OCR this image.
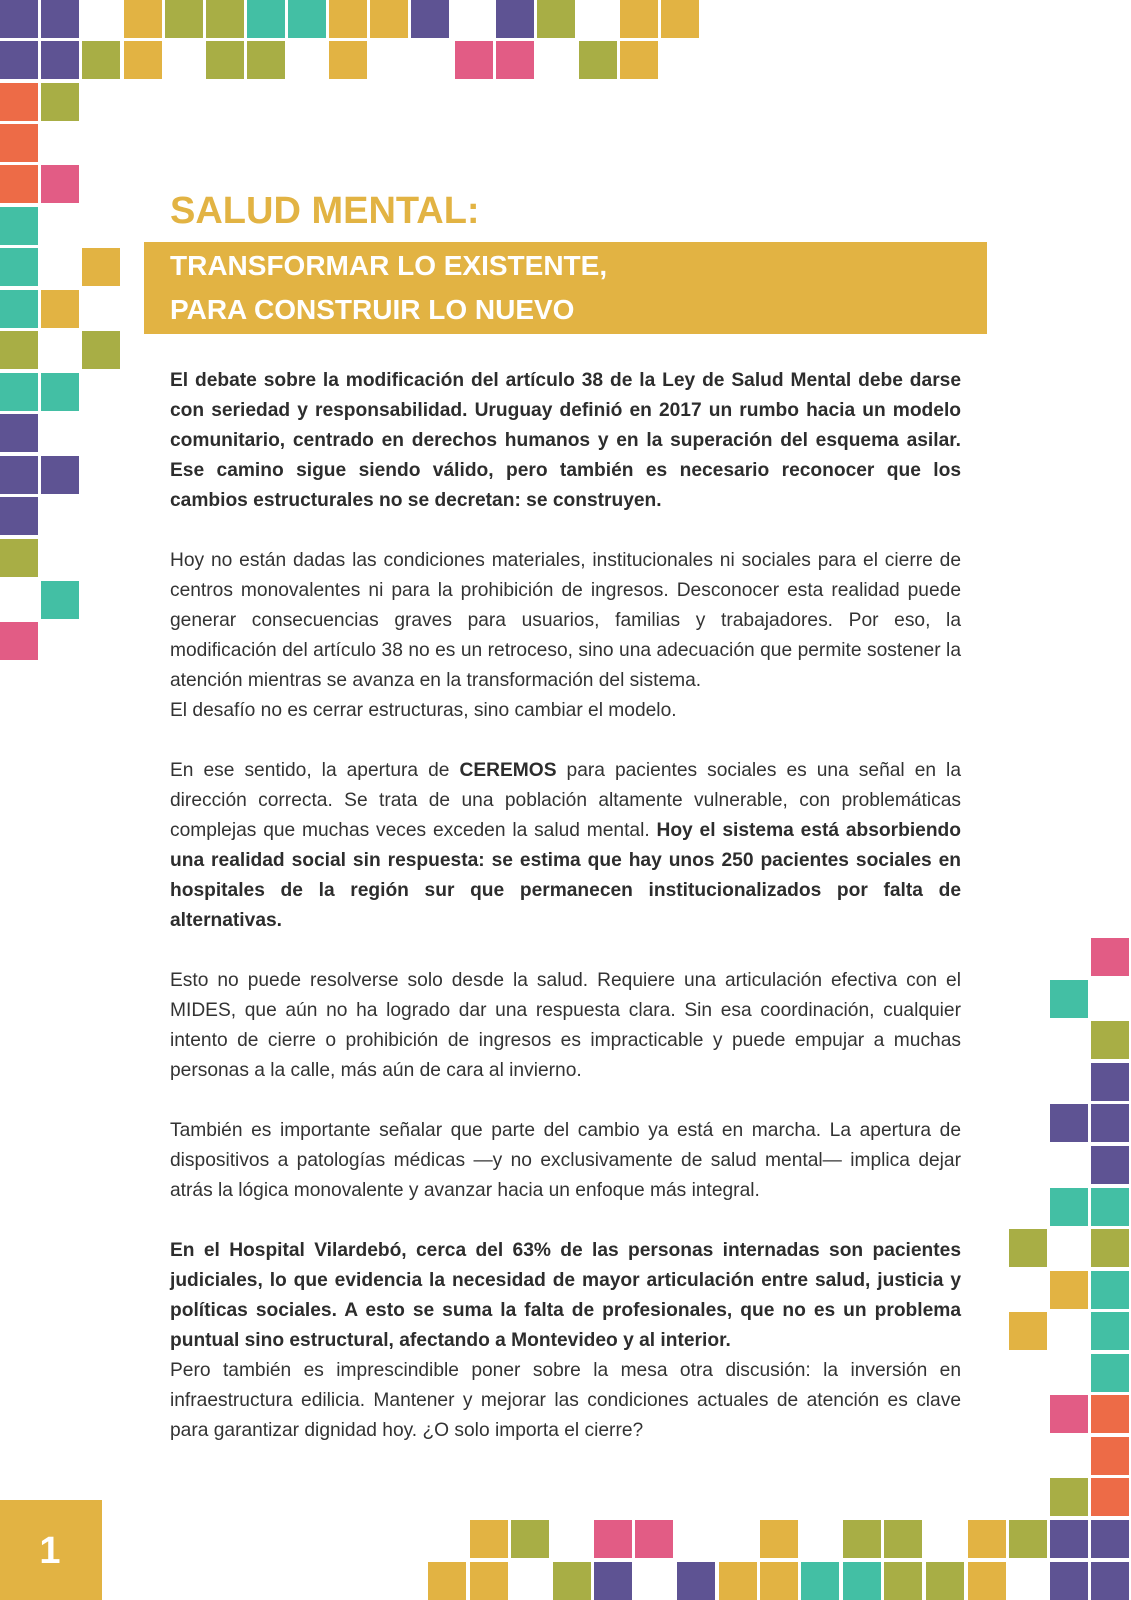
SALUD MENTAL:
TRANSFORMAR LO EXISTENTE,
PARA CONSTRUIR LO NUEVO

El debate sobre la modificación del artículo 38 de la Ley de Salud Mental debe darse con seriedad y responsabilidad. Uruguay definió en 2017 un rumbo hacia un modelo comunitario, centrado en derechos humanos y en la superación del esquema asilar. Ese camino sigue siendo válido, pero también es necesario reconocer que los cambios estructurales no se decretan: se construyen.

Hoy no están dadas las condiciones materiales, institucionales ni sociales para el cierre de centros monovalentes ni para la prohibición de ingresos. Desconocer esta realidad puede generar consecuencias graves para usuarios, familias y trabajadores. Por eso, la modificación del artículo 38 no es un retroceso, sino una adecuación que permite sostener la atención mientras se avanza en la transformación del sistema.

El desafío no es cerrar estructuras, sino cambiar el modelo.

En ese sentido, la apertura de CEREMOS para pacientes sociales es una señal en la dirección correcta. Se trata de una población altamente vulnerable, con problemáticas complejas que muchas veces exceden la salud mental. Hoy el sistema está absorbiendo una realidad social sin respuesta: se estima que hay unos 250 pacientes sociales en hospitales de la región sur que permanecen institucionalizados por falta de alternativas.

Esto no puede resolverse solo desde la salud. Requiere una articulación efectiva con el MIDES, que aún no ha logrado dar una respuesta clara. Sin esa coordinación, cualquier intento de cierre o prohibición de ingresos es impracticable y puede empujar a muchas personas a la calle, más aún de cara al invierno.

También es importante señalar que parte del cambio ya está en marcha. La apertura de dispositivos a patologías médicas —y no exclusivamente de salud mental— implica dejar atrás la lógica monovalente y avanzar hacia un enfoque más integral.

En el Hospital Vilardebó, cerca del 63% de las personas internadas son pacientes judiciales, lo que evidencia la necesidad de mayor articulación entre salud, justicia y políticas sociales. A esto se suma la falta de profesionales, que no es un problema puntual sino estructural, afectando a Montevideo y al interior.

Pero también es imprescindible poner sobre la mesa otra discusión: la inversión en infraestructura edilicia. Mantener y mejorar las condiciones actuales de atención es clave para garantizar dignidad hoy. ¿O solo importa el cierre?

1
